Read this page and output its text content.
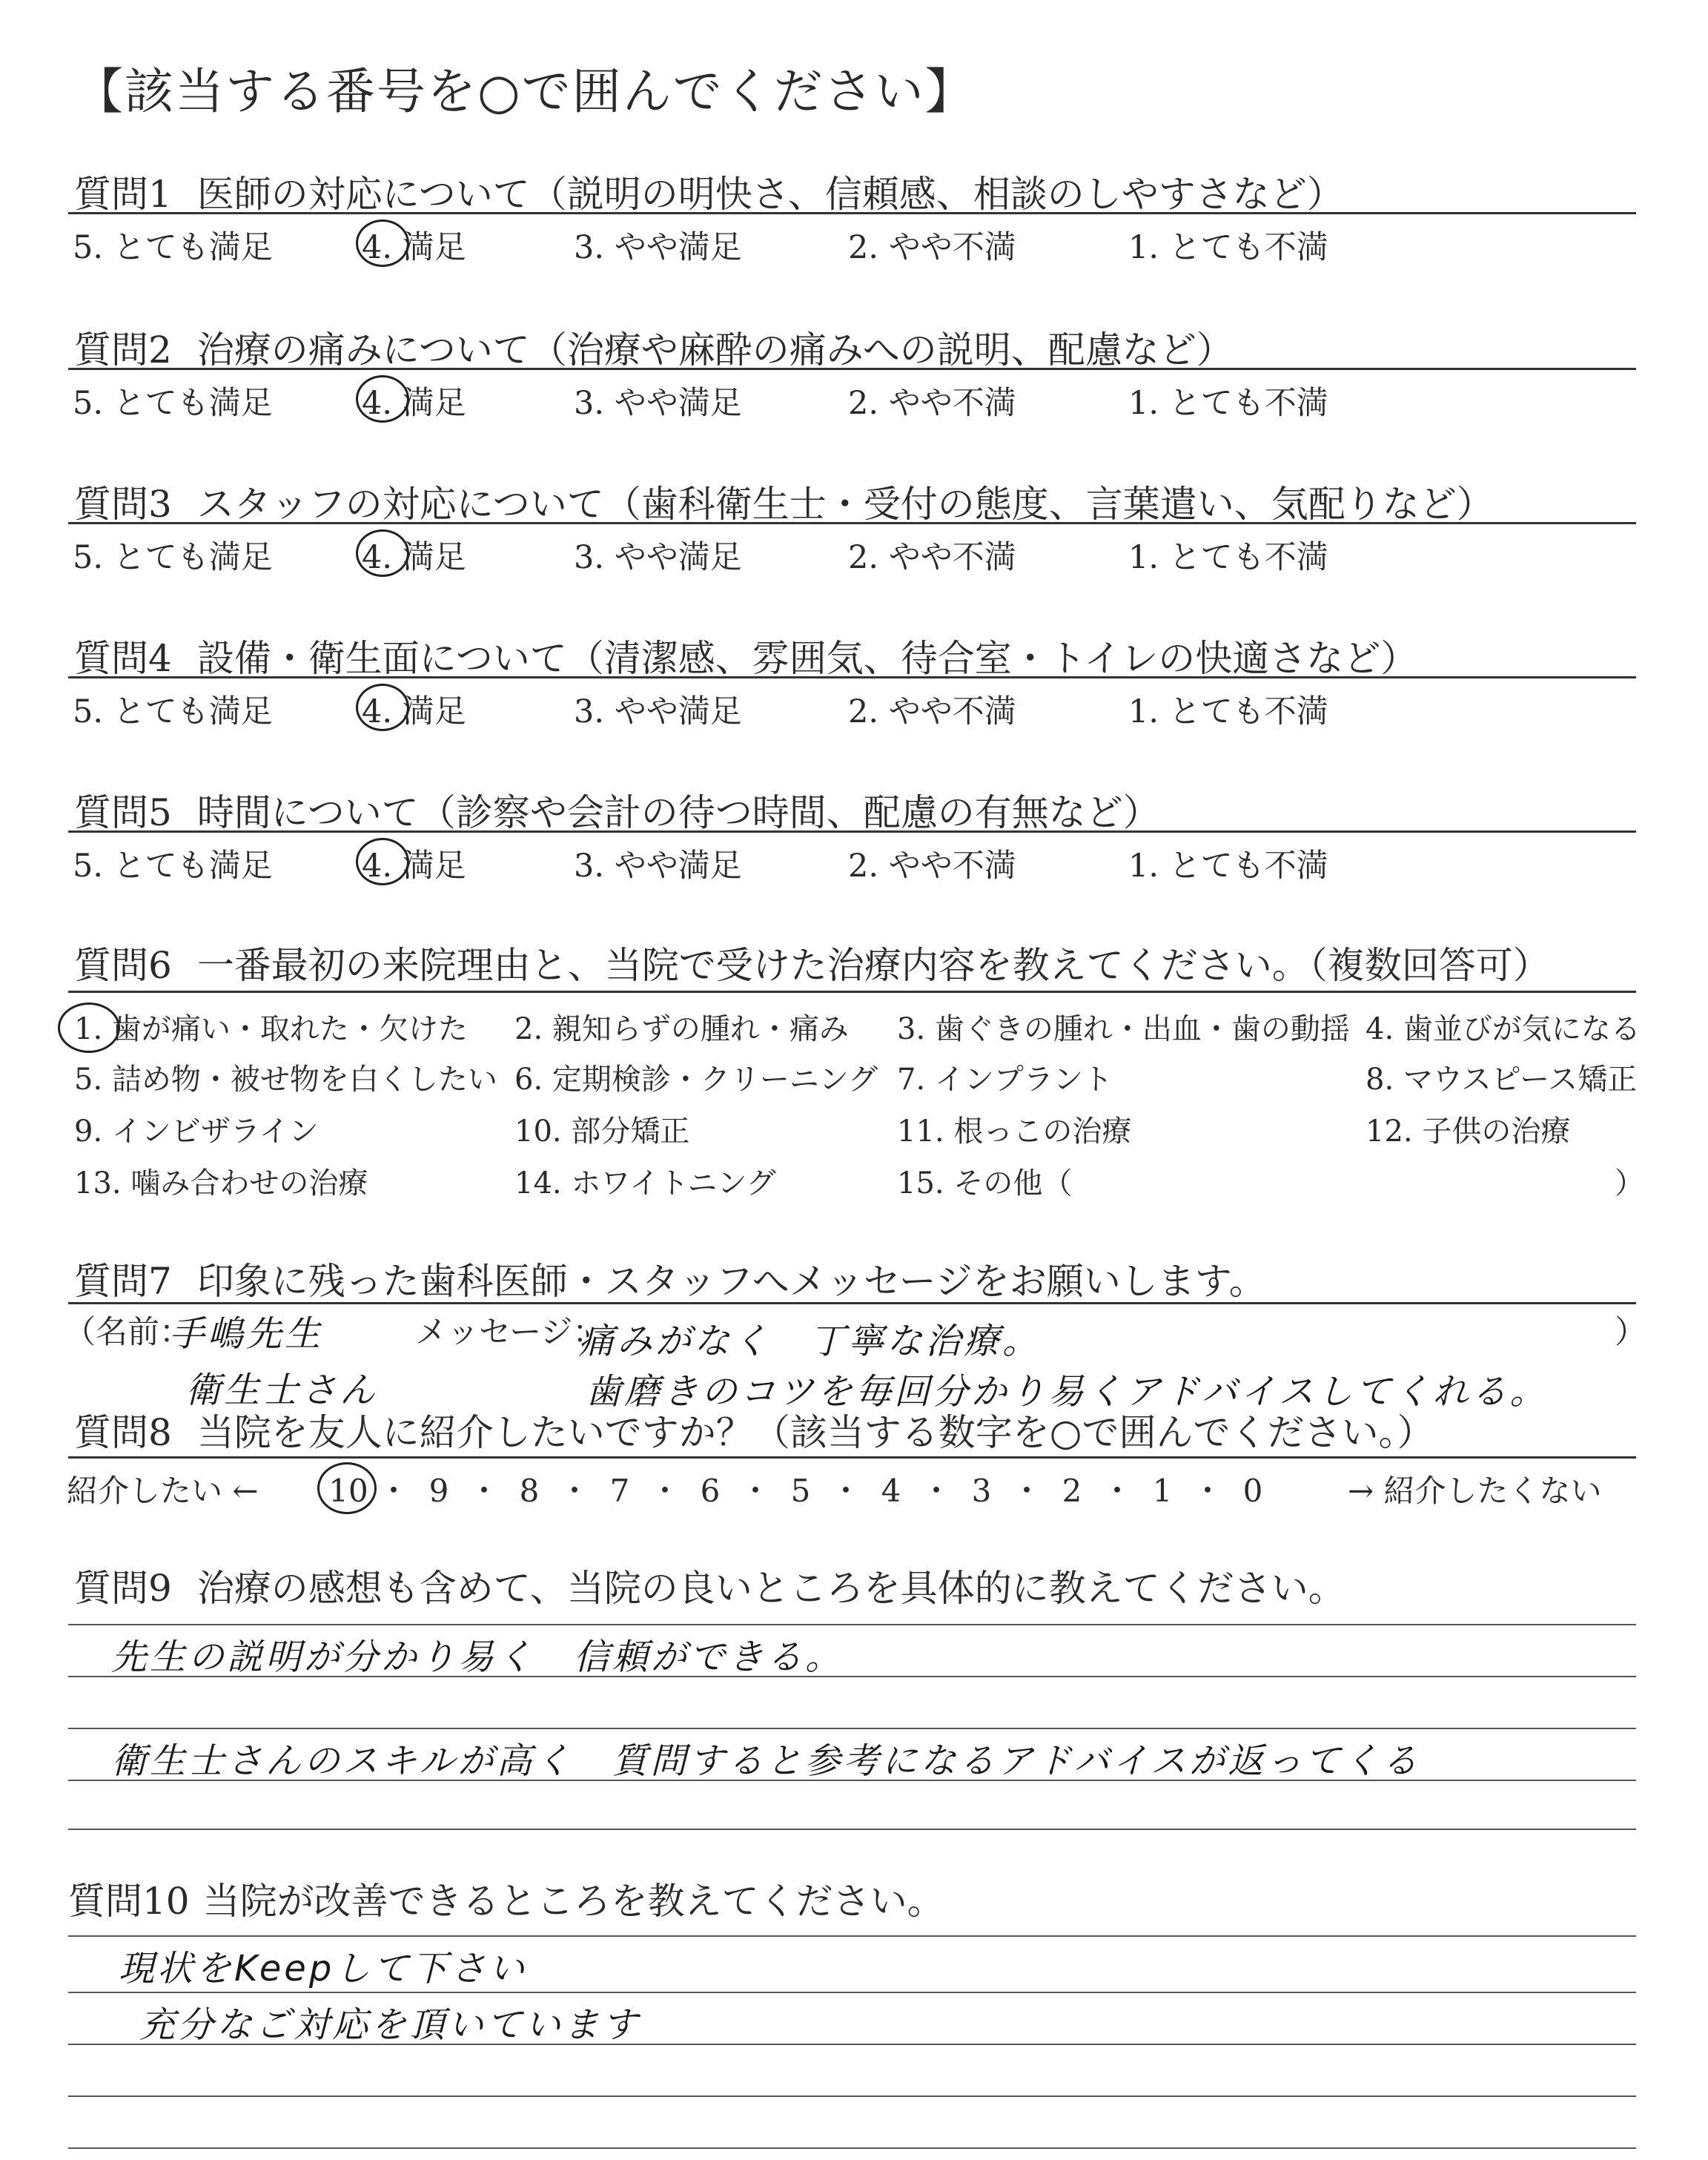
【該当する番号を○で囲んでください】
質問1 医師の対応について（説明の明快さ、信頼感、相談のしやすさなど）
5. とても満足	4. 満足	3. やや満足	2. やや不満	1. とても不満
質問2 治療の痛みについて（治療や麻酔の痛みへの説明、配慮など）
5. とても満足	4. 満足	3. やや満足	2. やや不満	1. とても不満
質問3 スタッフの対応について（歯科衛生士・受付の態度、言葉遣い、気配りなど）
5. とても満足	4. 満足	3. やや満足	2. やや不満	1. とても不満
質問4 設備・衛生面について（清潔感、雰囲気、待合室・トイレの快適さなど）
5. とても満足	4. 満足	3. やや満足	2. やや不満	1. とても不満
質問5 時間について（診察や会計の待つ時間、配慮の有無など）
5. とても満足	4. 満足	3. やや満足	2. やや不満	1. とても不満
質問6 一番最初の来院理由と、当院で受けた治療内容を教えてください。（複数回答可）
1. 歯が痛い・取れた・欠けた 2. 親知らずの腫れ・痛み 3. 歯ぐきの腫れ・出血・歯の動揺 4. 歯並びが気になる
5. 詰め物・被せ物を白くしたい 6. 定期検診・クリーニング 7. インプラント	8. マウスピース矯正
9. インビザライン	10. 部分矯正	11. 根っこの治療	12. 子供の治療
13. 噛み合わせの治療	14. ホワイトニング	15. その他（	）
質問7 印象に残った歯科医師・スタッフへメッセージをお願いします。
（名前：	メッセージ：	）
手嶋先生
衛生士さん
痛みがなく　丁寧な治療。
歯磨きのコツを毎回分かり易くアドバイスしてくれる。
質問8 当院を友人に紹介したいですか？（該当する数字を○で囲んでください。）
紹介したい ← 10 ・ 9 ・ 8 ・ 7 ・ 6 ・ 5 ・ 4 ・ 3 ・ 2 ・ 1 ・ 0	→ 紹介したくない
質問9 治療の感想も含めて、当院の良いところを具体的に教えてください。
先生の説明が分かり易く　信頼ができる。
衛生士さんのスキルが高く　質問すると参考になるアドバイスが返ってくる
質問10 当院が改善できるところを教えてください。
現状をKeepして下さい
充分なご対応を頂いています
